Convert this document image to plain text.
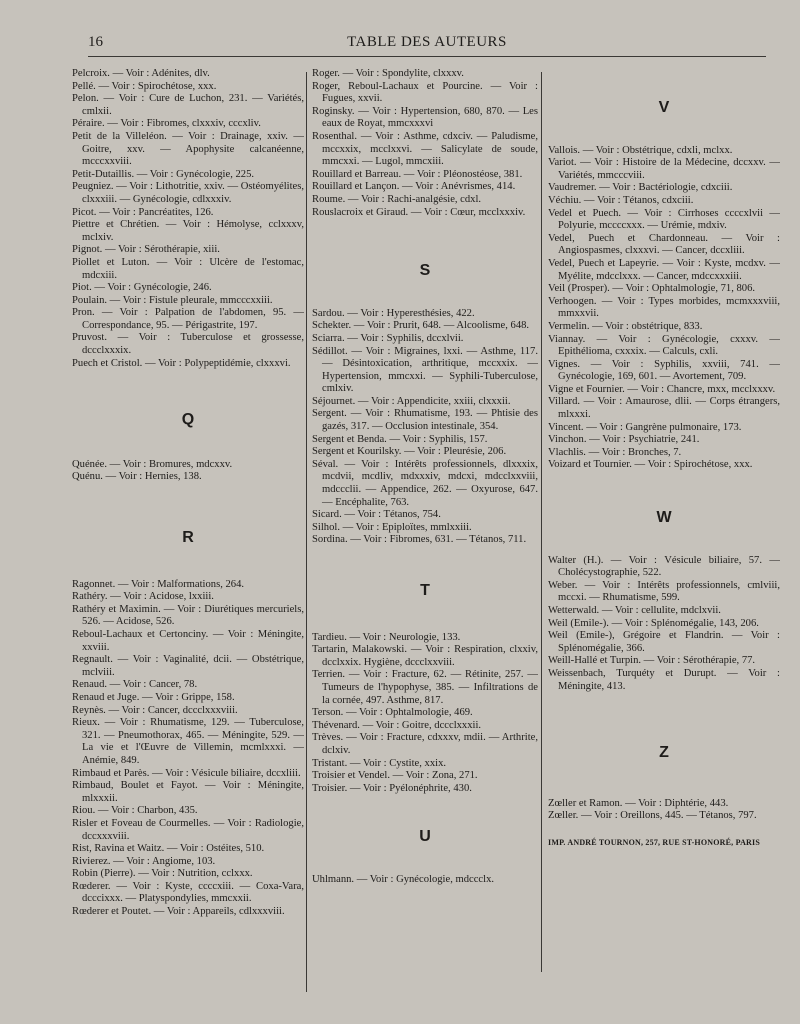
16	TABLE DES AUTEURS

Pelcroix. — Voir : Adénites, dlv.

Pellé. — Voir : Spirochétose, xxx.

Pelon. — Voir : Cure de Luchon, 231. — Variétés, cmlxii.

Péraire. — Voir : Fibromes, clxxxiv, cccxliv.

Petit de la Villeléon. — Voir : Drainage, xxiv. — Goitre, xxv. — Apophysite calcanéenne, mcccxxviii.

Petit-Dutaillis. — Voir : Gynécologie, 225.

Peugniez. — Voir : Lithotritie, xxiv. — Ostéomyélites, clxxxiii. — Gynécologie, cdlxxxiv.

Picot. — Voir : Pancréatites, 126.

Piettre et Chrétien. — Voir : Hémolyse, cclxxxv, mclxiv.

Pignot. — Voir : Sérothérapie, xiii.

Piollet et Luton. — Voir : Ulcère de l'estomac, mdcxiii.

Piot. — Voir : Gynécologie, 246.

Poulain. — Voir : Fistule pleurale, mmcccxxiii.

Pron. — Voir : Palpation de l'abdomen, 95. — Correspondance, 95. — Périgastrite, 197.

Pruvost. — Voir : Tuberculose et grossesse, dccclxxxix.

Puech et Cristol. — Voir : Polypeptidémie, clxxxvi.

Q

Quénée. — Voir : Bromures, mdcxxv.

Quénu. — Voir : Hernies, 138.

R

Ragonnet. — Voir : Malformations, 264.

Rathéry. — Voir : Acidose, lxxiii.

Rathéry et Maximin. — Voir : Diurétiques mercuriels, 526. — Acidose, 526.

Reboul-Lachaux et Certonciny. — Voir : Méningite, xxviii.

Regnault. — Voir : Vaginalité, dcii. — Obstétrique, mclviii.

Renaud. — Voir : Cancer, 78.

Renaud et Juge. — Voir : Grippe, 158.

Reynès. — Voir : Cancer, dccclxxxviii.

Rieux. — Voir : Rhumatisme, 129. — Tuberculose, 321. — Pneumothorax, 465. — Méningite, 529. — La vie et l'Œuvre de Villemin, mcmlxxxi. — Anémie, 849.

Rimbaud et Parès. — Voir : Vésicule biliaire, dccxliii.

Rimbaud, Boulet et Fayot. — Voir : Méningite, mlxxxii.

Riou. — Voir : Charbon, 435.

Risler et Foveau de Courmelles. — Voir : Radiologie, dccxxxviii.

Rist, Ravina et Waitz. — Voir : Ostéites, 510.

Rivierez. — Voir : Angiome, 103.

Robin (Pierre). — Voir : Nutrition, cclxxx.

Rœderer. — Voir : Kyste, ccccxiii. — Coxa-Vara, dcccixxx. — Platyspondylies, mmcxxii.

Rœderer et Poutet. — Voir : Appareils, cdlxxxviii.

Roger. — Voir : Spondylite, clxxxv.

Roger, Reboul-Lachaux et Pourcine. — Voir : Fugues, xxvii.

Roginsky. — Voir : Hypertension, 680, 870. — Les eaux de Royat, mmcxxxvi

Rosenthal. — Voir : Asthme, cdxciv. — Paludisme, mccxxix, mcclxxvi. — Salicylate de soude, mmcxxi. — Lugol, mmcxiii.

Rouillard et Barreau. — Voir : Pléonostéose, 381.

Rouillard et Lançon. — Voir : Anévrismes, 414.

Roume. — Voir : Rachi-analgésie, cdxl.

Rouslacroix et Giraud. — Voir : Cœur, mcclxxxiv.

S

Sardou. — Voir : Hyperesthésies, 422.

Schekter. — Voir : Prurit, 648. — Alcoolisme, 648.

Sciarra. — Voir : Syphilis, dccxlvii.

Sédillot. — Voir : Migraines, lxxi. — Asthme, 117. — Désintoxication, arthritique, mccxxix. — Hypertension, mmcxxi. — Syphili-Tuberculose, cmlxiv.

Séjournet. — Voir : Appendicite, xxiii, clxxxii.

Sergent. — Voir : Rhumatisme, 193. — Phtisie des gazés, 317. — Occlusion intestinale, 354.

Sergent et Benda. — Voir : Syphilis, 157.

Sergent et Kourilsky. — Voir : Pleurésie, 206.

Séval. — Voir : Intérêts professionnels, dlxxxix, mcdvii, mcdliv, mdxxxiv, mdcxi, mdcclxxviii, mdccclii. — Appendice, 262. — Oxyurose, 647. — Encéphalite, 763.

Sicard. — Voir : Tétanos, 754.

Silhol. — Voir : Epiploïtes, mmlxxiii.

Sordina. — Voir : Fibromes, 631. — Tétanos, 711.

T

Tardieu. — Voir : Neurologie, 133.

Tartarin, Malakowski. — Voir : Respiration, clxxiv, dcclxxix. Hygiène, dccclxxviii.

Terrien. — Voir : Fracture, 62. — Rétinite, 257. — Tumeurs de l'hypophyse, 385. — Infiltrations de la cornée, 497. Asthme, 817.

Terson. — Voir : Ophtalmologie, 469.

Thévenard. — Voir : Goitre, dccclxxxii.

Trèves. — Voir : Fracture, cdxxxv, mdii. — Arthrite, dclxiv.

Tristant. — Voir : Cystite, xxix.

Troisier et Vendel. — Voir : Zona, 271.

Troisier. — Voir : Pyélonéphrite, 430.

U

Uhlmann. — Voir : Gynécologie, mdccclx.

V

Vallois. — Voir : Obstétrique, cdxli, mclxx.

Variot. — Voir : Histoire de la Médecine, dccxxv. — Variétés, mmcccviii.

Vaudremer. — Voir : Bactériologie, cdxciii.

Véchiu. — Voir : Tétanos, cdxciii.

Vedel et Puech. — Voir : Cirrhoses ccccxlvii — Polyurie, mccccxxx. — Urémie, mdxiv.

Vedel, Puech et Chardonneau. — Voir : Angiospasmes, clxxxvi. — Cancer, dccxliii.

Vedel, Puech et Lapeyrie. — Voir : Kyste, mcdxv. — Myélite, mdcclxxx. — Cancer, mdccxxxiii.

Veil (Prosper). — Voir : Ophtalmologie, 71, 806.

Verhoogen. — Voir : Types morbides, mcmxxxviii, mmxxvii.

Vermelin. — Voir : obstétrique, 833.

Viannay. — Voir : Gynécologie, cxxxv. — Epithélioma, cxxxix. — Calculs, cxli.

Vignes. — Voir : Syphilis, xxviii, 741. — Gynécologie, 169, 601. — Avortement, 709.

Vigne et Fournier. — Voir : Chancre, mxx, mcclxxxv.

Villard. — Voir : Amaurose, dlii. — Corps étrangers, mlxxxi.

Vincent. — Voir : Gangrène pulmonaire, 173.

Vinchon. — Voir : Psychiatrie, 241.

Vlachlis. — Voir : Bronches, 7.

Voizard et Tournier. — Voir : Spirochétose, xxx.

W

Walter (H.). — Voir : Vésicule biliaire, 57. — Cholécystographie, 522.

Weber. — Voir : Intérêts professionnels, cmlviii, mccxi. — Rhumatisme, 599.

Wetterwald. — Voir : cellulite, mdclxvii.

Weil (Emile-). — Voir : Splénomégalie, 143, 206.

Weil (Emile-), Grégoire et Flandrin. — Voir : Splénomégalie, 366.

Weill-Hallé et Turpin. — Voir : Sérothérapie, 77.

Weissenbach, Turquéty et Durupt. — Voir : Méningite, 413.

Z

Zœller et Ramon. — Voir : Diphtérie, 443.

Zœller. — Voir : Oreillons, 445. — Tétanos, 797.

IMP. ANDRÉ TOURNON, 257, RUE ST-HONORÉ, PARIS
